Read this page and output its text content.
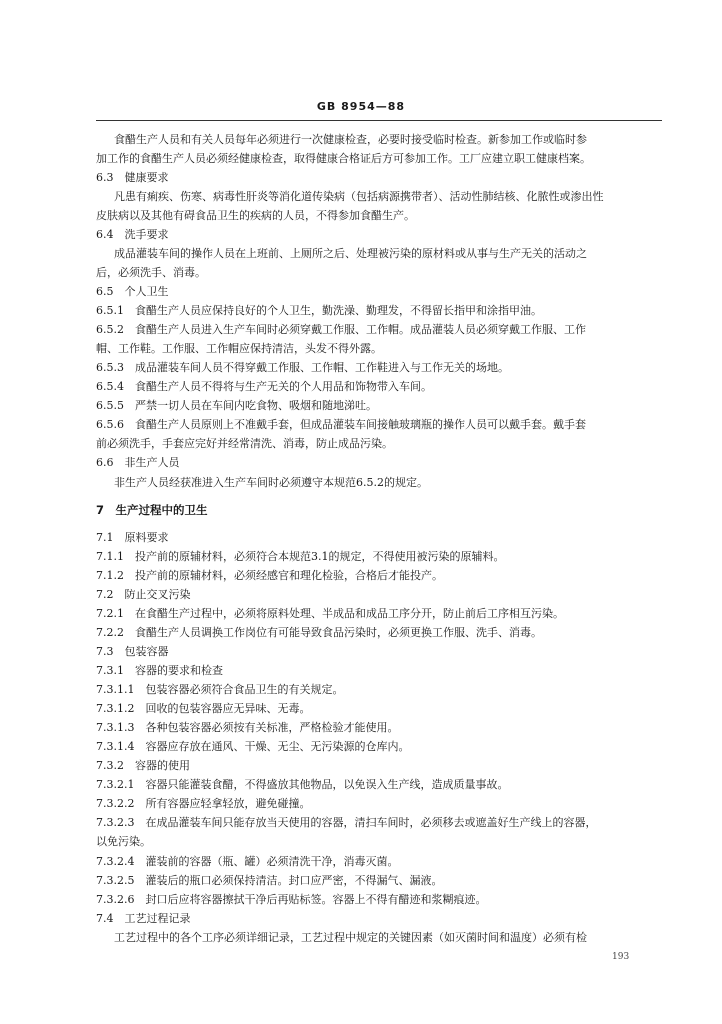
GB 8954—88
食醋生产人员和有关人员每年必须进行一次健康检查，必要时接受临时检查。新参加工作或临时参
加工作的食醋生产人员必须经健康检查，取得健康合格证后方可参加工作。工厂应建立职工健康档案。
6.3　健康要求
凡患有痢疾、伤寒、病毒性肝炎等消化道传染病（包括病源携带者）、活动性肺结核、化脓性或渗出性
皮肤病以及其他有碍食品卫生的疾病的人员，不得参加食醋生产。
6.4　洗手要求
成品灌装车间的操作人员在上班前、上厕所之后、处理被污染的原材料或从事与生产无关的活动之
后，必须洗手、消毒。
6.5　个人卫生
6.5.1　食醋生产人员应保持良好的个人卫生，勤洗澡、勤理发，不得留长指甲和涂指甲油。
6.5.2　食醋生产人员进入生产车间时必须穿戴工作服、工作帽。成品灌装人员必须穿戴工作服、工作
帽、工作鞋。工作服、工作帽应保持清洁，头发不得外露。
6.5.3　成品灌装车间人员不得穿戴工作服、工作帽、工作鞋进入与工作无关的场地。
6.5.4　食醋生产人员不得将与生产无关的个人用品和饰物带入车间。
6.5.5　严禁一切人员在车间内吃食物、吸烟和随地涕吐。
6.5.6　食醋生产人员原则上不准戴手套，但成品灌装车间接触玻璃瓶的操作人员可以戴手套。戴手套
前必须洗手，手套应完好并经常清洗、消毒，防止成品污染。
6.6　非生产人员
非生产人员经获准进入生产车间时必须遵守本规范6.5.2的规定。
7　生产过程中的卫生
7.1　原料要求
7.1.1　投产前的原辅材料，必须符合本规范3.1的规定，不得使用被污染的原辅料。
7.1.2　投产前的原辅材料，必须经感官和理化检验，合格后才能投产。
7.2　防止交叉污染
7.2.1　在食醋生产过程中，必须将原料处理、半成品和成品工序分开，防止前后工序相互污染。
7.2.2　食醋生产人员调换工作岗位有可能导致食品污染时，必须更换工作服、洗手、消毒。
7.3　包装容器
7.3.1　容器的要求和检查
7.3.1.1　包装容器必须符合食品卫生的有关规定。
7.3.1.2　回收的包装容器应无异味、无毒。
7.3.1.3　各种包装容器必须按有关标准，严格检验才能使用。
7.3.1.4　容器应存放在通风、干燥、无尘、无污染源的仓库内。
7.3.2　容器的使用
7.3.2.1　容器只能灌装食醋，不得盛放其他物品，以免误入生产线，造成质量事故。
7.3.2.2　所有容器应轻拿轻放，避免碰撞。
7.3.2.3　在成品灌装车间只能存放当天使用的容器，清扫车间时，必须移去或遮盖好生产线上的容器，
以免污染。
7.3.2.4　灌装前的容器（瓶、罐）必须清洗干净，消毒灭菌。
7.3.2.5　灌装后的瓶口必须保持清洁。封口应严密，不得漏气、漏液。
7.3.2.6　封口后应将容器擦拭干净后再贴标签。容器上不得有醋迹和浆糊痕迹。
7.4　工艺过程记录
工艺过程中的各个工序必须详细记录，工艺过程中规定的关键因素（如灭菌时间和温度）必须有检
193
